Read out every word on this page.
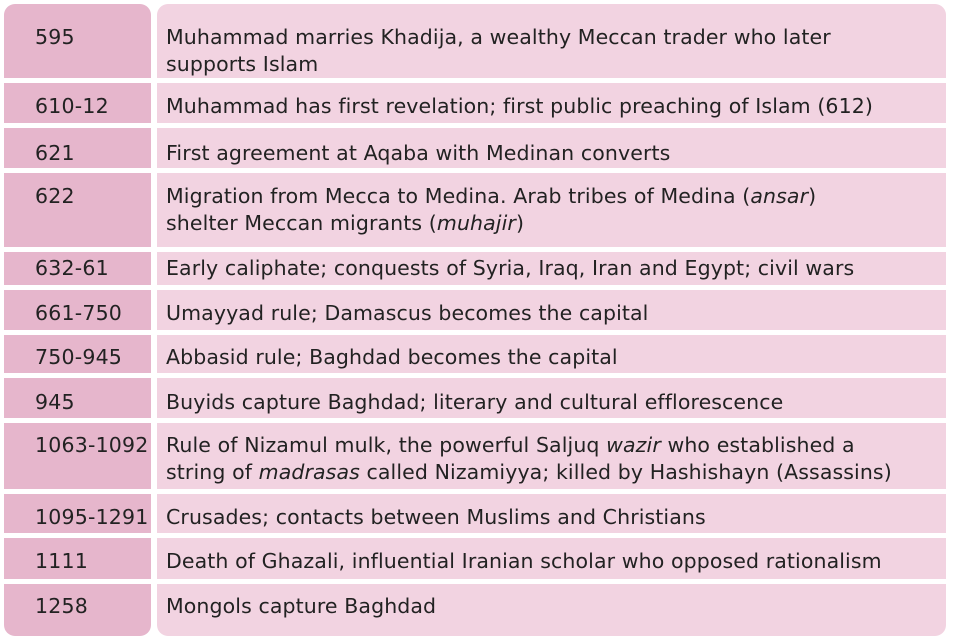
595	Muhammad marries Khadija, a wealthy Meccan trader who later
supports Islam
610-12	Muhammad has first revelation; first public preaching of Islam (612)
621	First agreement at Aqaba with Medinan converts
622	Migration from Mecca to Medina. Arab tribes of Medina (ansar)
shelter Meccan migrants (muhajir)
632-61	Early caliphate; conquests of Syria, Iraq, Iran and Egypt; civil wars
661-750 Umayyad rule; Damascus becomes the capital
750-945 Abbasid rule; Baghdad becomes the capital
945	Buyids capture Baghdad; literary and cultural efflorescence
1063-1092 Rule of Nizamul mulk, the powerful Saljuq wazir who established a
string of madrasas called Nizamiyya; killed by Hashishayn (Assassins)
1095-1291 Crusades; contacts between Muslims and Christians
1111	Death of Ghazali, influential Iranian scholar who opposed rationalism
1258	Mongols capture Baghdad
